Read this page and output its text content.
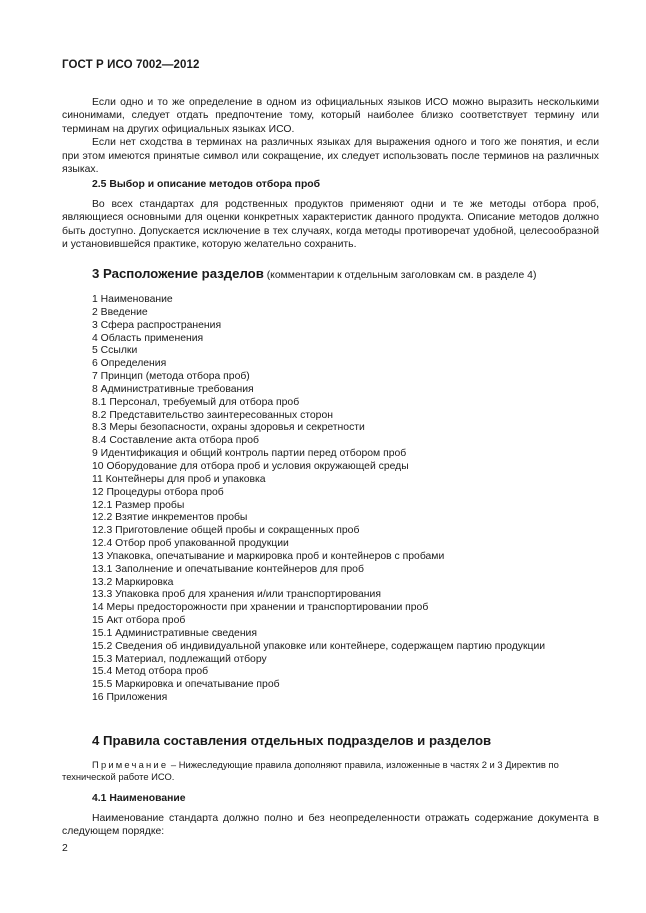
ГОСТ Р ИСО 7002—2012

Если одно и то же определение в одном из официальных языков ИСО можно выразить несколькими синонимами, следует отдать предпочтение тому, который наиболее близко соответствует термину или терминам на других официальных языках ИСО.

Если нет сходства в терминах на различных языках для выражения одного и того же понятия, и если при этом имеются принятые символ или сокращение, их следует использовать после терминов на различных языках.

2.5 Выбор и описание методов отбора проб

Во всех стандартах для родственных продуктов применяют одни и те же методы отбора проб, являющиеся основными для оценки конкретных характеристик данного продукта. Описание методов должно быть доступно. Допускается исключение в тех случаях, когда методы противоречат удобной, целесообразной и установившейся практике, которую желательно сохранить.

3 Расположение разделов (комментарии к отдельным заголовкам см. в разделе 4)
1 Наименование
2 Введение
3 Сфера распространения
4 Область применения
5 Ссылки
6 Определения
7 Принцип (метода отбора проб)
8 Административные требования
8.1 Персонал, требуемый для отбора проб
8.2 Представительство заинтересованных сторон
8.3 Меры безопасности, охраны здоровья и секретности
8.4 Составление акта отбора проб
9 Идентификация и общий контроль партии перед отбором проб
10 Оборудование для отбора проб и условия окружающей среды
11 Контейнеры для проб и упаковка
12 Процедуры отбора проб
12.1 Размер пробы
12.2 Взятие инкрементов пробы
12.3 Приготовление общей пробы и сокращенных проб
12.4 Отбор проб упакованной продукции
13 Упаковка, опечатывание и маркировка проб и контейнеров с пробами
13.1 Заполнение и опечатывание контейнеров для проб
13.2 Маркировка
13.3 Упаковка проб для хранения и/или транспортирования
14 Меры предосторожности при хранении и транспортировании проб
15 Акт отбора проб
15.1 Административные сведения
15.2 Сведения об индивидуальной упаковке или контейнере, содержащем партию продукции
15.3 Материал, подлежащий отбору
15.4 Метод отбора проб
15.5 Маркировка и опечатывание проб
16 Приложения
4 Правила составления отдельных подразделов и разделов
Примечание – Нижеследующие правила дополняют правила, изложенные в частях 2 и 3 Директив по технической работе ИСО.
4.1 Наименование

Наименование стандарта должно полно и без неопределенности отражать содержание документа в следующем порядке:

2
